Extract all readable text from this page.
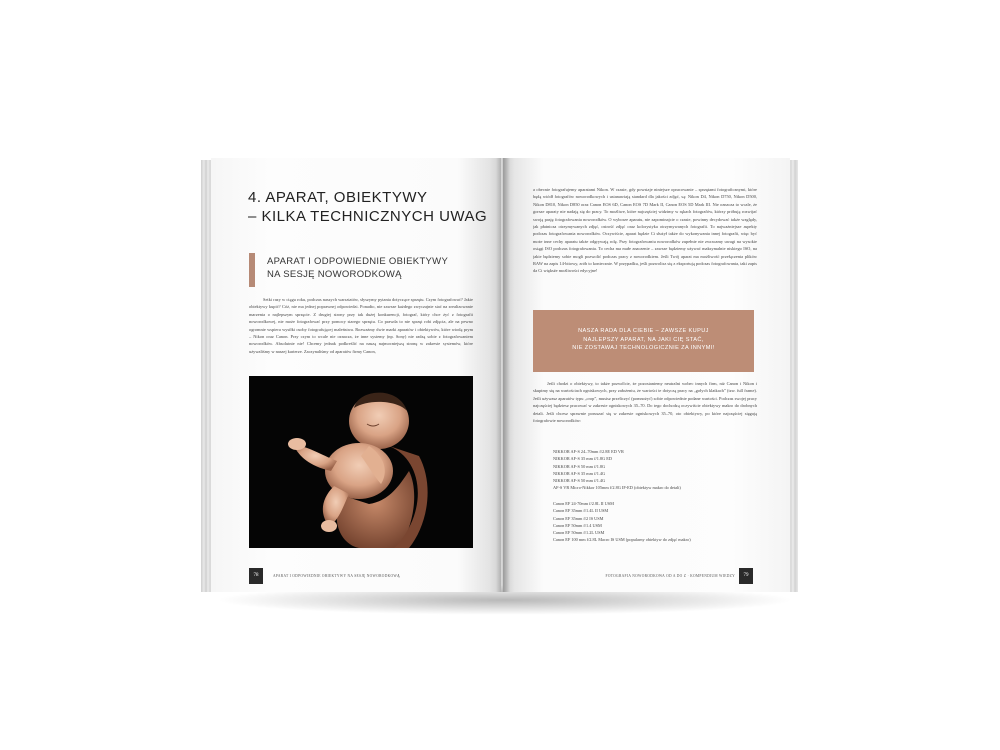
4. APARAT, OBIEKTYWY
– KILKA TECHNICZNYCH UWAG
APARAT I ODPOWIEDNIE OBIEKTYWY
NA SESJĘ NOWORODKOWĄ
Setki razy w ciągu roku, podczas naszych warsztatów, słyszymy pytania dotyczące sprzętu. Czym fotografować? Jakie obiektywy kupić? Cóż, nie ma jednej poprawnej odpowiedzi. Ponadto, nie zawsze każdego zwyczajnie stać na zrealizowanie marzenia o najlepszym sprzęcie. Z drugiej strony przy tak dużej konkurencji, fotograf, który chce żyć z fotografii noworodkowej, nie może fotografować przy pomocy starego sprzętu. Co prawda to nie sprzęt robi zdjęcia, ale na pewno ogromnie wspiera wysiłki osoby fotografującej maleństwa. Rozważmy dwie marki aparatów i obiektywów, które wiodą prym – Nikon oraz Canon. Przy czym to wcale nie oznacza, że inne systemy (np. Sony) nie radzą sobie z fotografowaniem noworodków. Absolutnie nie! Chcemy jednak podkreślić na naszą najmocniejszą stronę w zakresie systemów, które używaliśmy w naszej karierze. Zaczynaliśmy od aparatów firmy Canon,
78	APARAT I ODPOWIEDNIE OBIEKTYWY NA SESJĘ NOWORODKOWĄ
a obecnie fotografujemy aparatami Nikon. W czasie, gdy powstaje niniejsze opracowanie – sprzętami fotograficznymi, które będą wiódł fotografów noworodkowych i ustanawiają standard dla jakości zdjęć, są: Nikon D4, Nikon D750, Nikon D500, Nikon D810, Nikon D850 oraz Canon EOS 6D, Canon EOS 7D Mark II, Canon EOS 5D Mark III. Nie oznacza to wcale, że gorsze aparaty nie nadają się do pracy. To możliwe, które najczęściej widzimy w rękach fotografów, którzy próbują rozwijać swoją pasję fotografowania noworodków. O wyborze aparatu, nie zapominajcie o czasie, powinny decydować także względy, jak płatnicza otrzymywanych zdjęć, ostrość zdjęć oraz kolorystyka otrzymywanych fotografii. To najważniejsze aspekty podczas fotografowania noworodków. Oczywiście, aparat będzie Ci służył także do wykonywania innej fotografii, więc być może inne cechy aparatu także odgrywają rolę. Przy fotografowaniu noworodków zupełnie nie zwracamy uwagi na wysokie osiągi ISO podczas fotografowania. To cecha ma małe znaczenie – zawsze będziemy używać maksymalnie niskiego ISO, na jakie będziemy sobie mogli pozwolić podczas pracy z noworodkiem. Jeśli Twój aparat ma możliwość przełączenia plików RAW na zapis 14-bitowy, zrób to koniecznie. W przypadku, jeśli pozwolisz się z eksportują podczas fotografowania, taki zapis da Ci więksźe możliwości edycyjne!
NASZA RADA DLA CIEBIE – ZAWSZE KUPUJ
NAJLEPSZY APARAT, NA JAKI CIĘ STAĆ,
NIE ZOSTAWAJ TECHNOLOGICZNIE ZA INNYMI!
Jeśli chodzi o obiektywy, to także pozwólcie, że pozostaniemy neutralni wobec innych firm, niż Canon i Nikon i skupimy się na wartościach ogniskowych, przy założeniu, że wartości te dotyczą pracy na „gołych klatkach” (tzw. full frame). Jeśli używasz aparatów typu „crop”, musisz przeliczyć (pomnożyć) sobie odpowiednie podane wartości. Podczas swojej pracy najczęściej będziesz pracować w zakresie ogniskowych 35–70. Do tego dochodzą oczywiście obiektywy makro do drobnych detali. Jeśli chcesz sprawnie poruszać się w zakresie ogniskowych 35–70, oto obiektywy, po które najczęściej sięgają fotografowie noworodków:
NIKKOR AF-S 24–70mm f/2.8E ED VR
NIKKOR AF-S 35 mm f/1.8G ED
NIKKOR AF-S 50 mm f/1.8G
NIKKOR AF-S 35 mm f/1.4G
NIKKOR AF-S 50 mm f/1.4G
AF-S VR Micro-Nikkor 105mm f/2.8G IF-ED (obiektyw makro do detali)
Canon EF 24-70mm f/2.8L II USM
Canon EF 35mm f/1.4L II USM
Canon EF 35mm f/2 IS USM
Canon EF 50mm f/1.4 USM
Canon EF 50mm f/1.2L USM
Canon EF 100 mm f/2.8L Macro IS USM (popularny obiektyw do zdjęć makro)
FOTOGRAFIA NOWORODKOWA OD A DO Z · KOMPENDIUM WIEDZY	79
